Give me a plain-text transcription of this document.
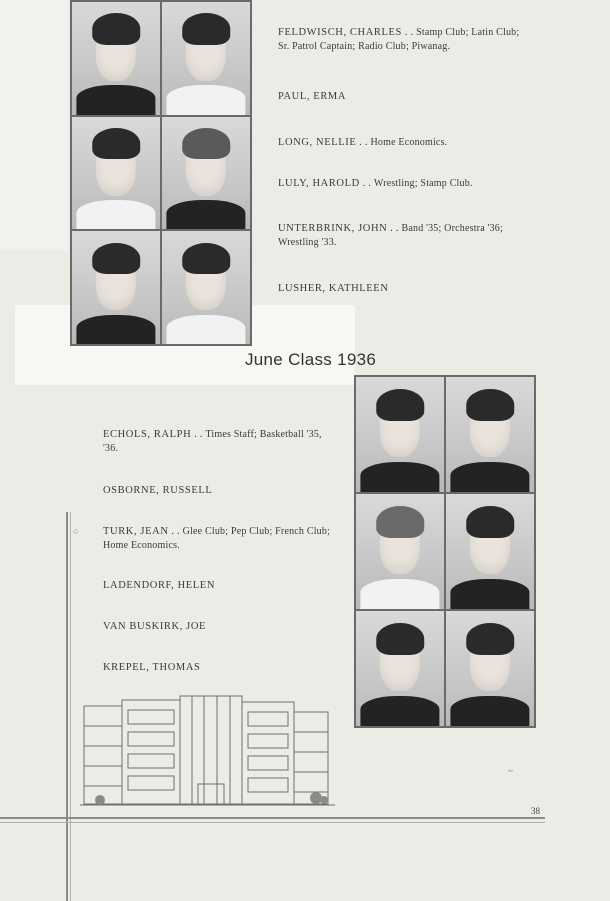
FELDWISCH, CHARLES . . Stamp Club; Latin Club; Sr. Patrol Captain; Radio Club; Piwanag.
PAUL, ERMA
LONG, NELLIE . . Home Economics.
LULY, HAROLD . . Wrestling; Stamp Club.
UNTERBRINK, JOHN . . Band '35; Orchestra '36; Wrestling '33.
LUSHER, KATHLEEN
June Class 1936
ECHOLS, RALPH . . Times Staff; Basketball '35, '36.
OSBORNE, RUSSELL
TURK, JEAN . . Glee Club; Pep Club; French Club; Home Economics.
LADENDORF, HELEN
VAN BUSKIRK, JOE
KREPEL, THOMAS
○
~
38
